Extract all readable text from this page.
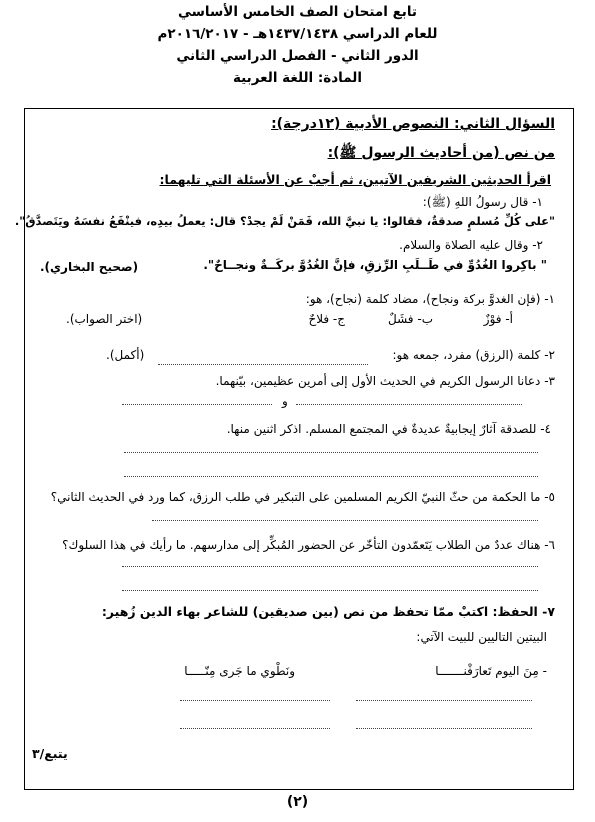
تابع امتحان الصف الخامس الأساسي
للعام الدراسي ١٤٣٧/١٤٣٨هـ - ٢٠١٦/٢٠١٧م
الدور الثاني - الفصل الدراسي الثاني
المادة: اللغة العربية
السؤال الثاني: النصوص الأدبية (١٢درجة):
من نص (من أحاديث الرسول ﷺ):
اقرأ الحديثين الشريفين الآتيين، ثم أجبْ عن الأسئلة التي تليهما:
١- قال رسولُ اللهِ (ﷺ):
"على كُلِّ مُسلمٍ صدقةٌ، فقالوا: يا نبيَّ الله، فَمَنْ لَمْ يجدْ؟ قال: يعملُ بيدِه، فينْفَعُ نفسَهُ ويَتَصدَّقُ".
٢- وقال عليه الصلاة والسلام.
" باكِروا الغُدُوِّ في طَــلَبِ الرِّزقِ، فإنَّ الغُدُوَّ بركَــةٌ ونجــاحٌ".
(صحيح البخاري).
١- (فإن الغدوَّ بركة ونجاح)، مضاد كلمة (نجاح)، هو:
أ- فوْزٌ
ب- فشَلٌ
ج- فلاحٌ
(اختر الصواب).
٢- كلمة (الرزق) مفرد، جمعه هو:
(أكمل).
٣- دعانا الرسول الكريم في الحديث الأول إلى أمرين عظيمين، بيّنهما.
و
٤- للصدقة آثارٌ إيجابيةٌ عديدةٌ في المجتمع المسلم. اذكر اثنين منها.
٥- ما الحكمة من حثّ النبيّ الكريم المسلمين على التبكير في طلب الرزق، كما ورد في الحديث الثاني؟
٦- هناك عددٌ من الطلاب يَتَعمّدون التأخّر عن الحضور المُبكِّر إلى مدارسهم. ما رأيك في هذا السلوك؟
٧- الحفظ: اكتبْ ممّا تحفظ من نص (بين صديقين) للشاعر بهاء الدين زُهير:
البيتين التاليين للبيت الآتي:
- مِنَ اليوم تَعارَفْنـــــــا
ونَطْوي ما جَرى مِنّـــــا
يتبع/٣
(٢)
